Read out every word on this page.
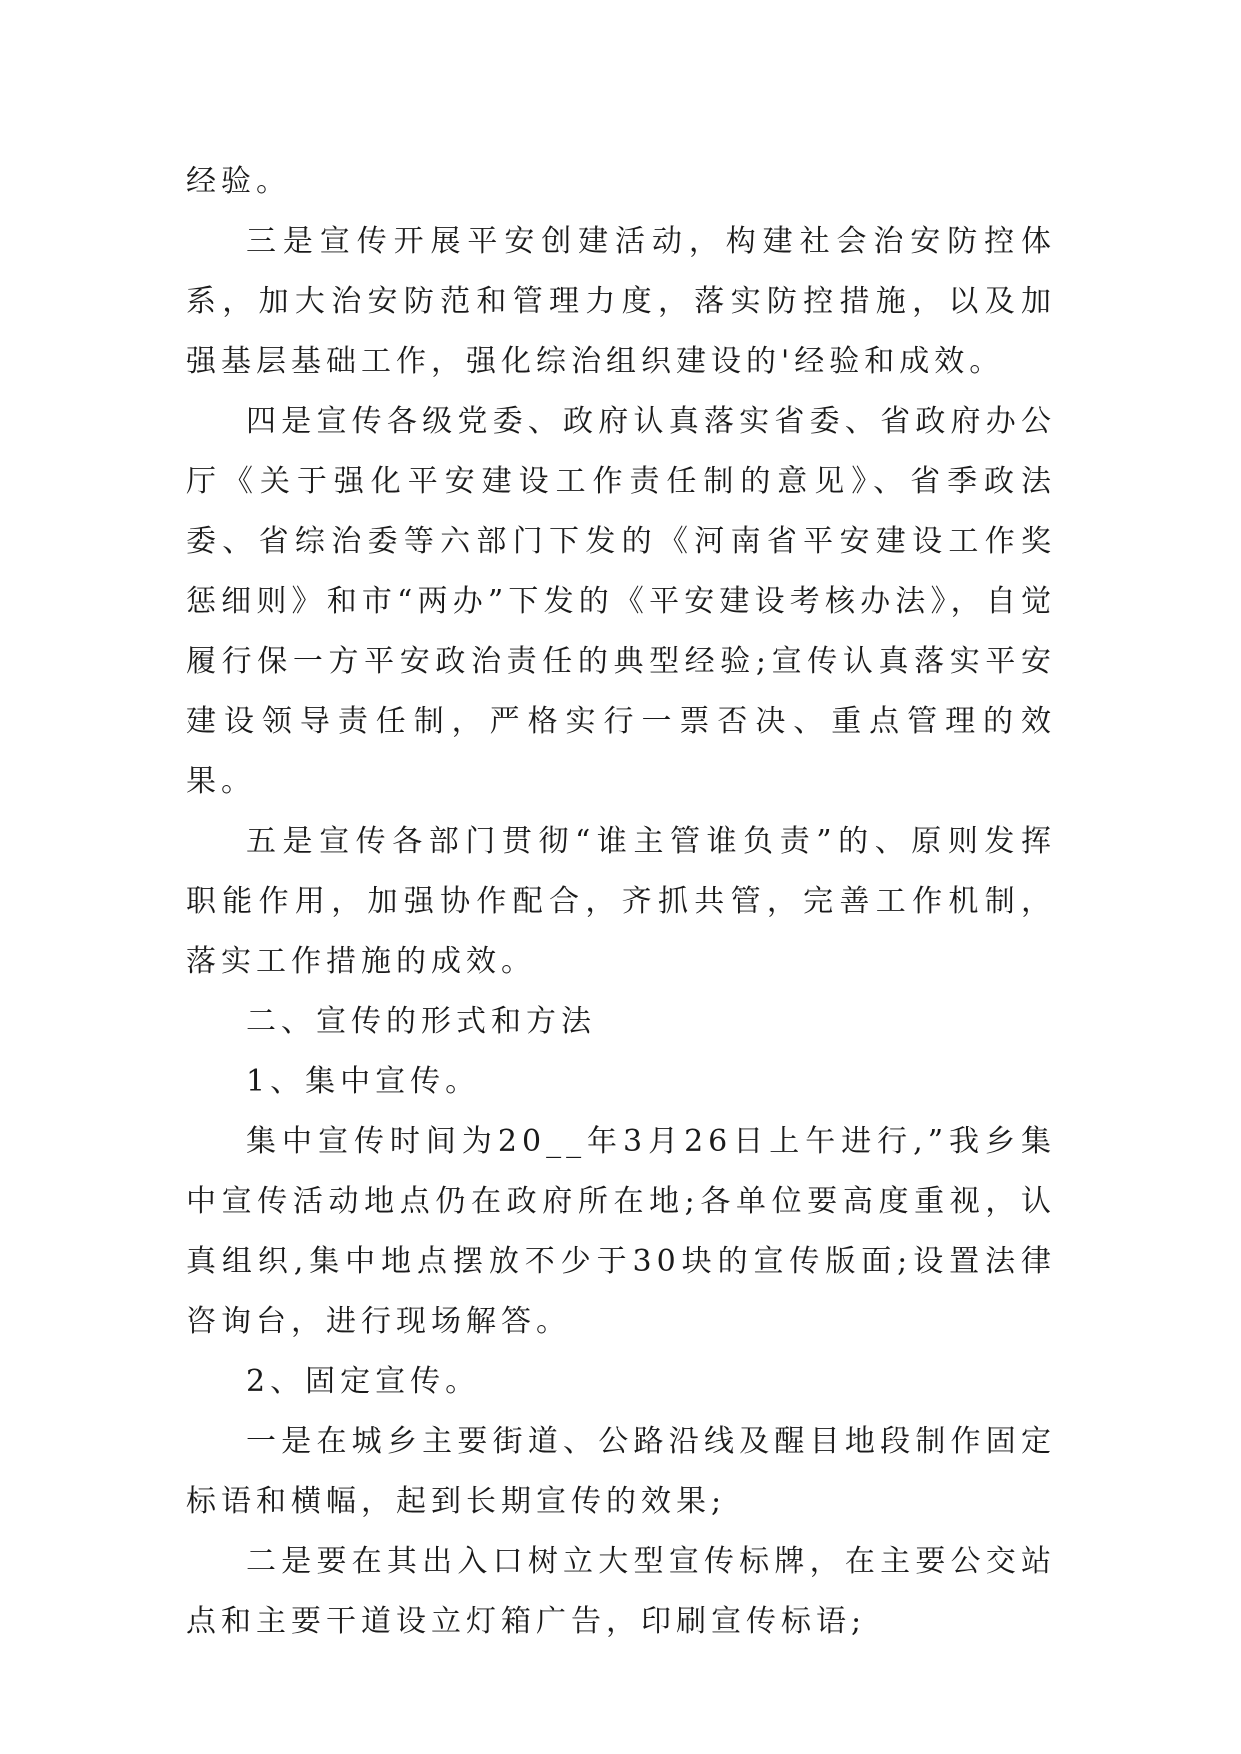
经验。

三是宣传开展平安创建活动，构建社会治安防控体系，加大治安防范和管理力度，落实防控措施，以及加强基层基础工作，强化综治组织建设的'经验和成效。

四是宣传各级党委、政府认真落实省委、省政府办公厅《关于强化平安建设工作责任制的意见》、省季政法委、省综治委等六部门下发的《河南省平安建设工作奖惩细则》和市“两办”下发的《平安建设考核办法》，自觉履行保一方平安政治责任的典型经验;宣传认真落实平安建设领导责任制，严格实行一票否决、重点管理的效果。

五是宣传各部门贯彻“谁主管谁负责”的、原则发挥职能作用，加强协作配合，齐抓共管，完善工作机制，落实工作措施的成效。

二、宣传的形式和方法

1、集中宣传。

集中宣传时间为20__年3月26日上午进行,”我乡集中宣传活动地点仍在政府所在地;各单位要高度重视，认真组织,集中地点摆放不少于30块的宣传版面;设置法律咨询台，进行现场解答。

2、固定宣传。

一是在城乡主要街道、公路沿线及醒目地段制作固定标语和横幅，起到长期宣传的效果;

二是要在其出入口树立大型宣传标牌，在主要公交站点和主要干道设立灯箱广告，印刷宣传标语;
